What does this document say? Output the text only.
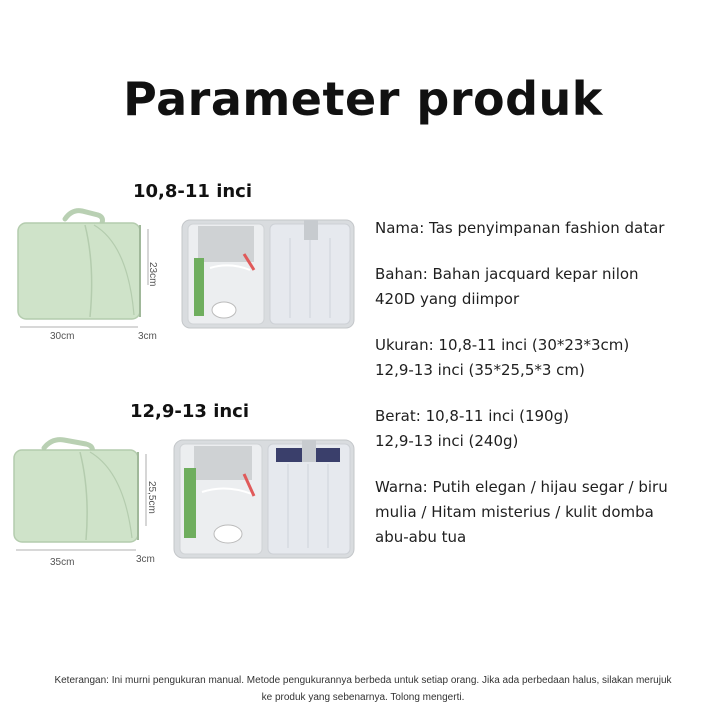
Parameter produk
10,8-11 inci
30cm
23cm
3cm
12,9-13 inci
35cm
25,5cm
3cm
Nama: Tas penyimpanan fashion datar
Bahan: Bahan jacquard kepar nilon
420D yang diimpor
Ukuran: 10,8-11 inci (30*23*3cm)
12,9-13 inci (35*25,5*3 cm)
Berat: 10,8-11 inci (190g)
12,9-13 inci (240g)
Warna: Putih elegan / hijau segar / biru
mulia / Hitam misterius / kulit domba
abu-abu tua
Keterangan: Ini murni pengukuran manual. Metode pengukurannya berbeda untuk setiap orang. Jika ada perbedaan halus, silakan merujuk
ke produk yang sebenarnya. Tolong mengerti.
